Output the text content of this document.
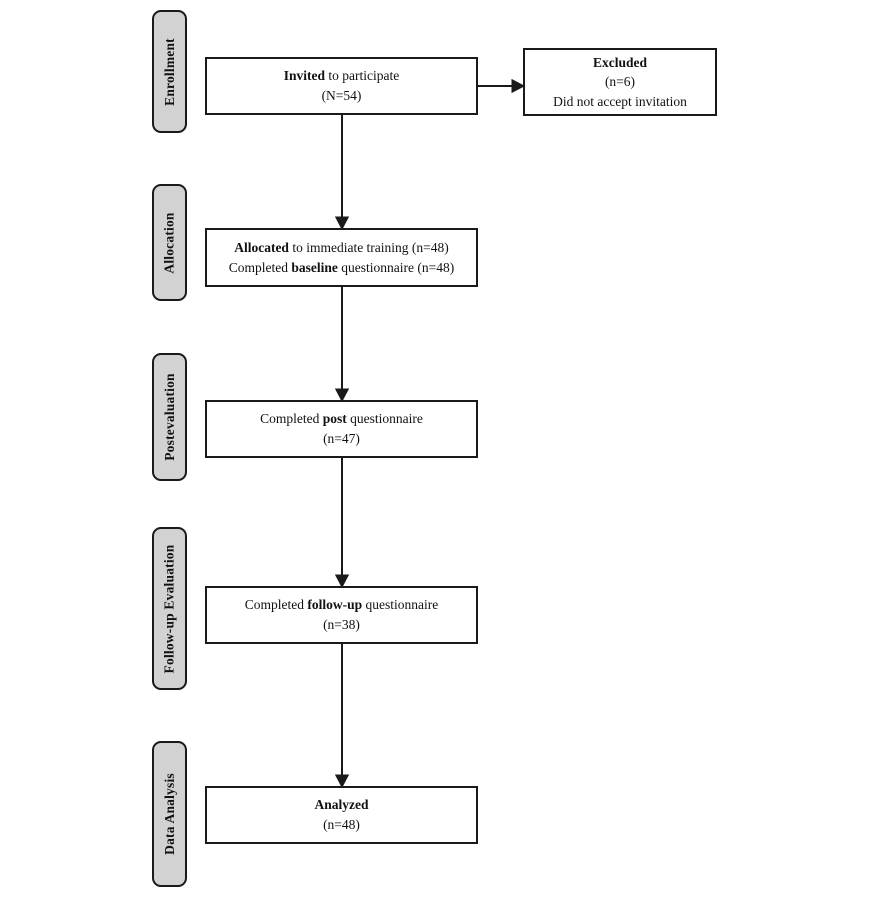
Enrollment
Allocation
Postevaluation
Follow-up Evaluation
Data Analysis
Invited to participate
(N=54)
Excluded
(n=6)
Did not accept invitation
Allocated to immediate training (n=48)
Completed baseline questionnaire (n=48)
Completed post questionnaire
(n=47)
Completed follow-up questionnaire
(n=38)
Analyzed
(n=48)
